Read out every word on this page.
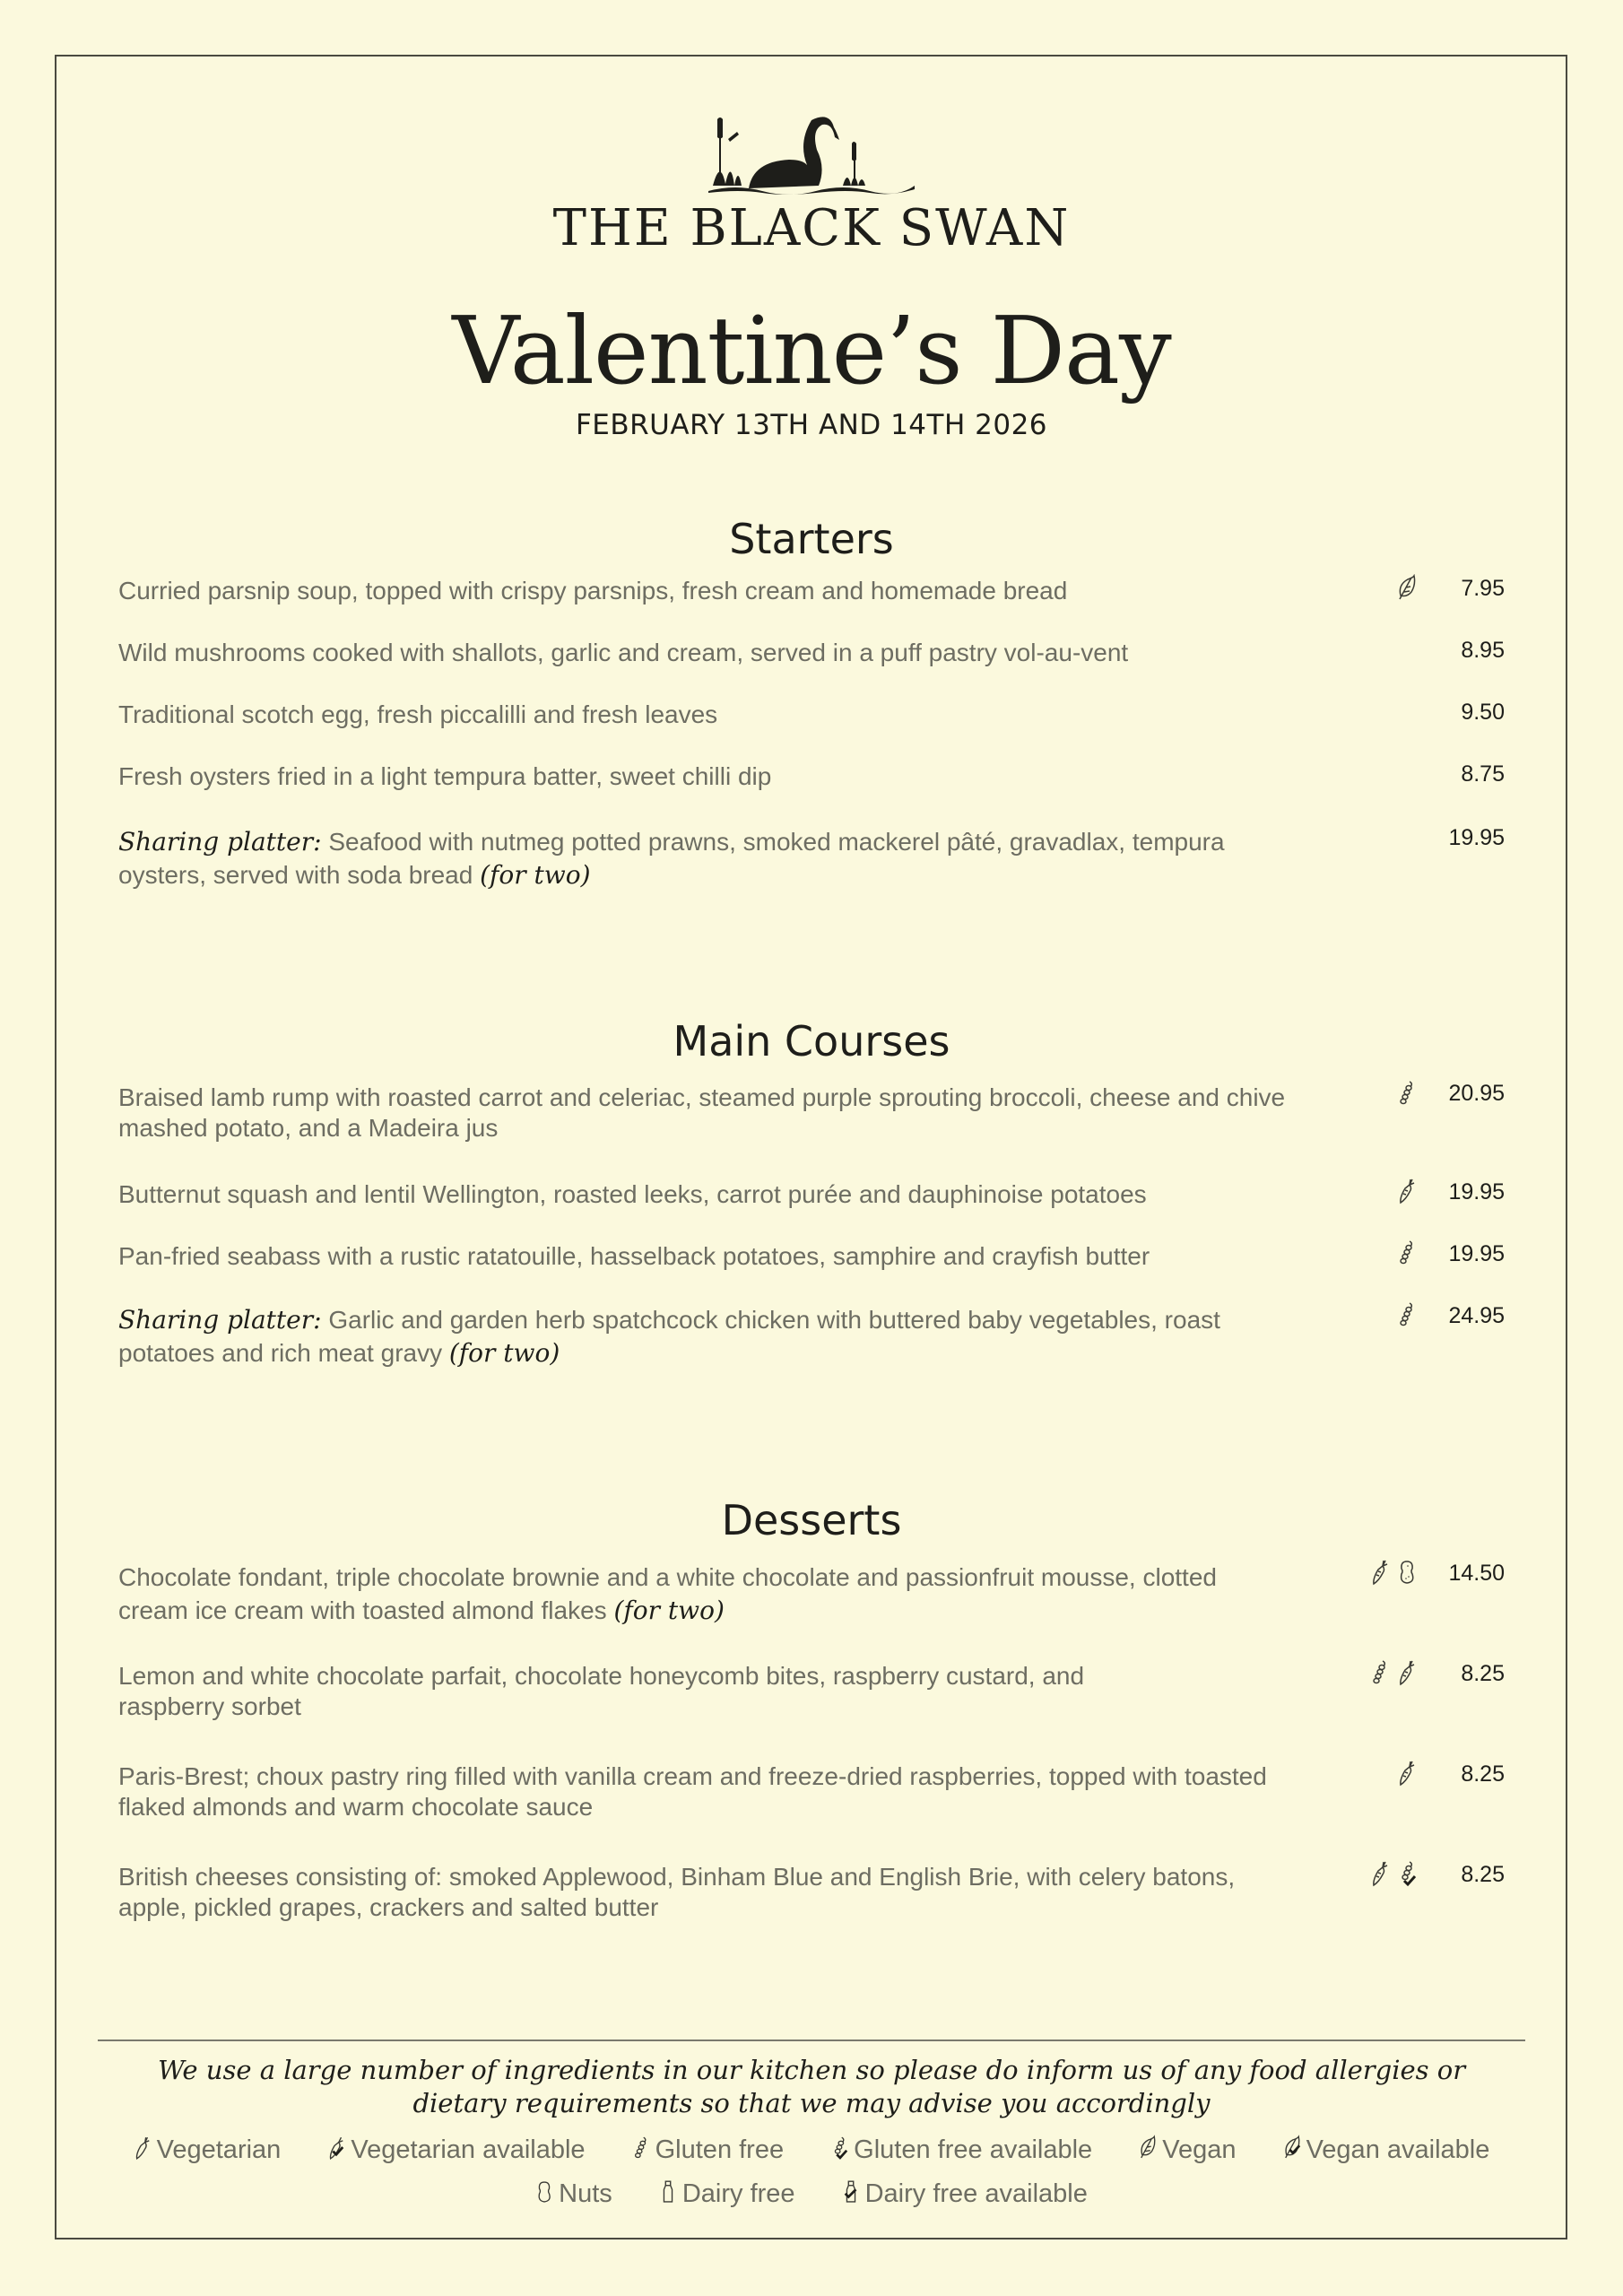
THE BLACK SWAN
Valentine’s Day
FEBRUARY 13TH AND 14TH 2026
Starters
Curried parsnip soup, topped with crispy parsnips, fresh cream and homemade bread	7.95
Wild mushrooms cooked with shallots, garlic and cream, served in a puff pastry vol-au-vent	8.95
Traditional scotch egg, fresh piccalilli and fresh leaves	9.50
Fresh oysters fried in a light tempura batter, sweet chilli dip	8.75
Sharing platter: Seafood with nutmeg potted prawns, smoked mackerel pâté, gravadlax, tempura oysters, served with soda bread (for two)
19.95
Main Courses
Braised lamb rump with roasted carrot and celeriac, steamed purple sprouting broccoli, cheese and chive mashed potato, and a Madeira jus
20.95
Butternut squash and lentil Wellington, roasted leeks, carrot purée and dauphinoise potatoes	19.95
Pan-fried seabass with a rustic ratatouille, hasselback potatoes, samphire and crayfish butter	19.95
Sharing platter: Garlic and garden herb spatchcock chicken with buttered baby vegetables, roast potatoes and rich meat gravy (for two)
24.95
Desserts
Chocolate fondant, triple chocolate brownie and a white chocolate and passionfruit mousse, clotted cream ice cream with toasted almond flakes (for two)
14.50
Lemon and white chocolate parfait, chocolate honeycomb bites, raspberry custard, and raspberry sorbet
8.25
Paris-Brest; choux pastry ring filled with vanilla cream and freeze-dried raspberries, topped with toasted flaked almonds and warm chocolate sauce
8.25
British cheeses consisting of: smoked Applewood, Binham Blue and English Brie, with celery batons, apple, pickled grapes, crackers and salted butter
8.25
We use a large number of ingredients in our kitchen so please do inform us of any food allergies or dietary requirements so that we may advise you accordingly
Vegetarian	Vegetarian available	Gluten free	Gluten free available	Vegan	Vegan available
Nuts	Dairy free	Dairy free available
